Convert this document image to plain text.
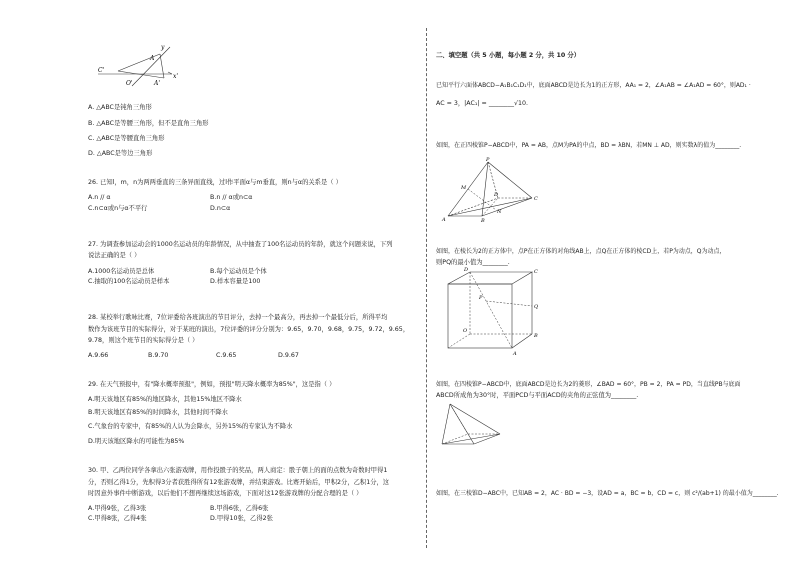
y
C'
A
O'	A'
x'
A. △ABC是钝角三角形
B. △ABC是等腰三角形，但不是直角三角形
C. △ABC是等腰直角三角形
D. △ABC是等边三角形
26. 已知l，m，n为两两垂直的三条异面直线，过l作平面α与m垂直，则n与α的关系是（ ）
A.n // α	B.n // α或n⊂α
C.n⊂α或n与α不平行	D.n⊂α
27. 为调查参加运动会的1000名运动员的年龄情况，从中抽查了100名运动员的年龄，就这个问题来说，下列
说法正确的是（ ）
A.1000名运动员是总体	B.每个运动员是个体
C.抽取的100名运动员是样本	D.样本容量是100
28. 某校举行歌咏比赛，7位评委给各班演出的节目评分，去掉一个最高分，再去掉一个最低分后，所得平均
数作为该班节目的实际得分，对于某班的演出，7位评委的评分分别为：9.65，9.70，9.68，9.75，9.72，9.65，
9.78，则这个班节目的实际得分是（ ）
A.9.66	B.9.70	C.9.65	D.9.67
29. 在天气预报中，有"降水概率预报"，例如，预报"明天降水概率为85%"，这是指（ ）
A.明天该地区有85%的地区降水，其他15%地区不降水
B.明天该地区有85%的时间降水，其他时间不降水
C.气象台的专家中，有85%的人认为会降水，另外15%的专家认为不降水
D.明天该地区降水的可能性为85%
30. 甲、乙两位同学各拿出六张游戏牌，用作投骰子的奖品，两人商定：骰子朝上的面的点数为奇数时甲得1
分，否则乙得1分，先积得3分者获胜得所有12张游戏牌，并结束游戏。比赛开始后，甲积2分，乙积1分，这
时因意外事件中断游戏，以后他们不想再继续这场游戏，下面对这12张游戏牌的分配合理的是（ ）
A.甲得9张，乙得3张	B.甲得6张，乙得6张
C.甲得8张，乙得4张	D.甲得10张，乙得2张
二、填空题（共 5 小题，每小题 2 分，共 10 分）
已知平行六面体ABCD−A₁B₁C₁D₁中，底面ABCD是边长为1的正方形，AA₁ = 2，∠A₁AB = ∠A₁AD = 60°，则AD₁ ·
AC = 3，|AC₁| = ________√10.
如图，在正四棱锥P−ABCD中，PA = AB，点M为PA的中点，BD = λBN，若MN ⊥ AD，则实数λ的值为________.
P
M
D
C
N
A	B
如图，在棱长为2的正方体中，点P在正方体的对角线AB上，点Q在正方体的棱CD上，若P为动点，Q为动点，
则PQ的最小值为________.
D	C
P
Q
O
B
A
如图，在四棱锥P−ABCD中，底面ABCD是边长为2的菱形，∠BAD = 60°，PB = 2，PA = PD，当直线PB与底面
ABCD所成角为30°时，平面PCD与平面ACD的夹角的正弦值为________.
如图，在三棱锥D−ABC中，已知AB = 2，AC · BD = −3，设AD = a，BC = b，CD = c，则 c²/(ab+1) 的最小值为________.
